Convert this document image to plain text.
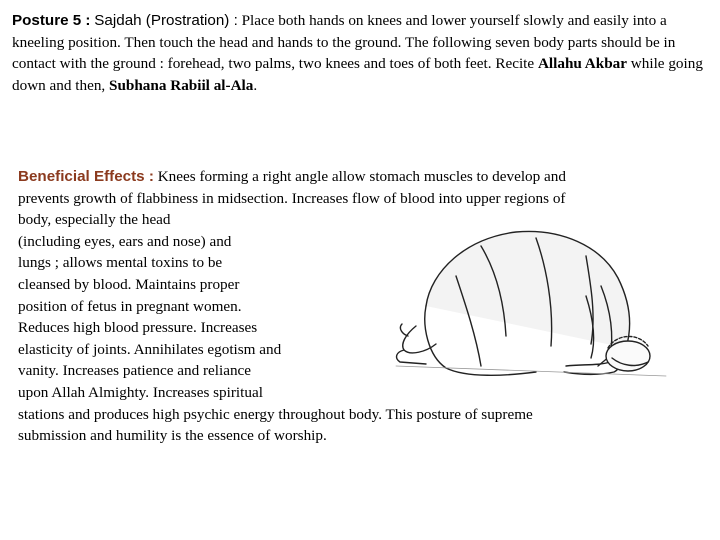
Posture 5 : Sajdah (Prostration) : Place both hands on knees and lower yourself slowly and easily into a kneeling position. Then touch the head and hands to the ground. The following seven body parts should be in contact with the ground : forehead, two palms, two knees and toes of both feet. Recite Allahu Akbar while going down and then, Subhana Rabiil al-Ala.

Beneficial Effects : Knees forming a right angle allow stomach muscles to develop and
prevents growth of flabbiness in midsection. Increases flow of blood into upper regions of
body, especially the head
(including eyes, ears and nose) and
lungs ; allows mental toxins to be
cleansed by blood. Maintains proper
position of fetus in pregnant women.
Reduces high blood pressure. Increases
elasticity of joints. Annihilates egotism and
vanity. Increases patience and reliance
upon Allah Almighty. Increases spiritual
stations and produces high psychic energy throughout body. This posture of supreme
submission and humility is the essence of worship.
